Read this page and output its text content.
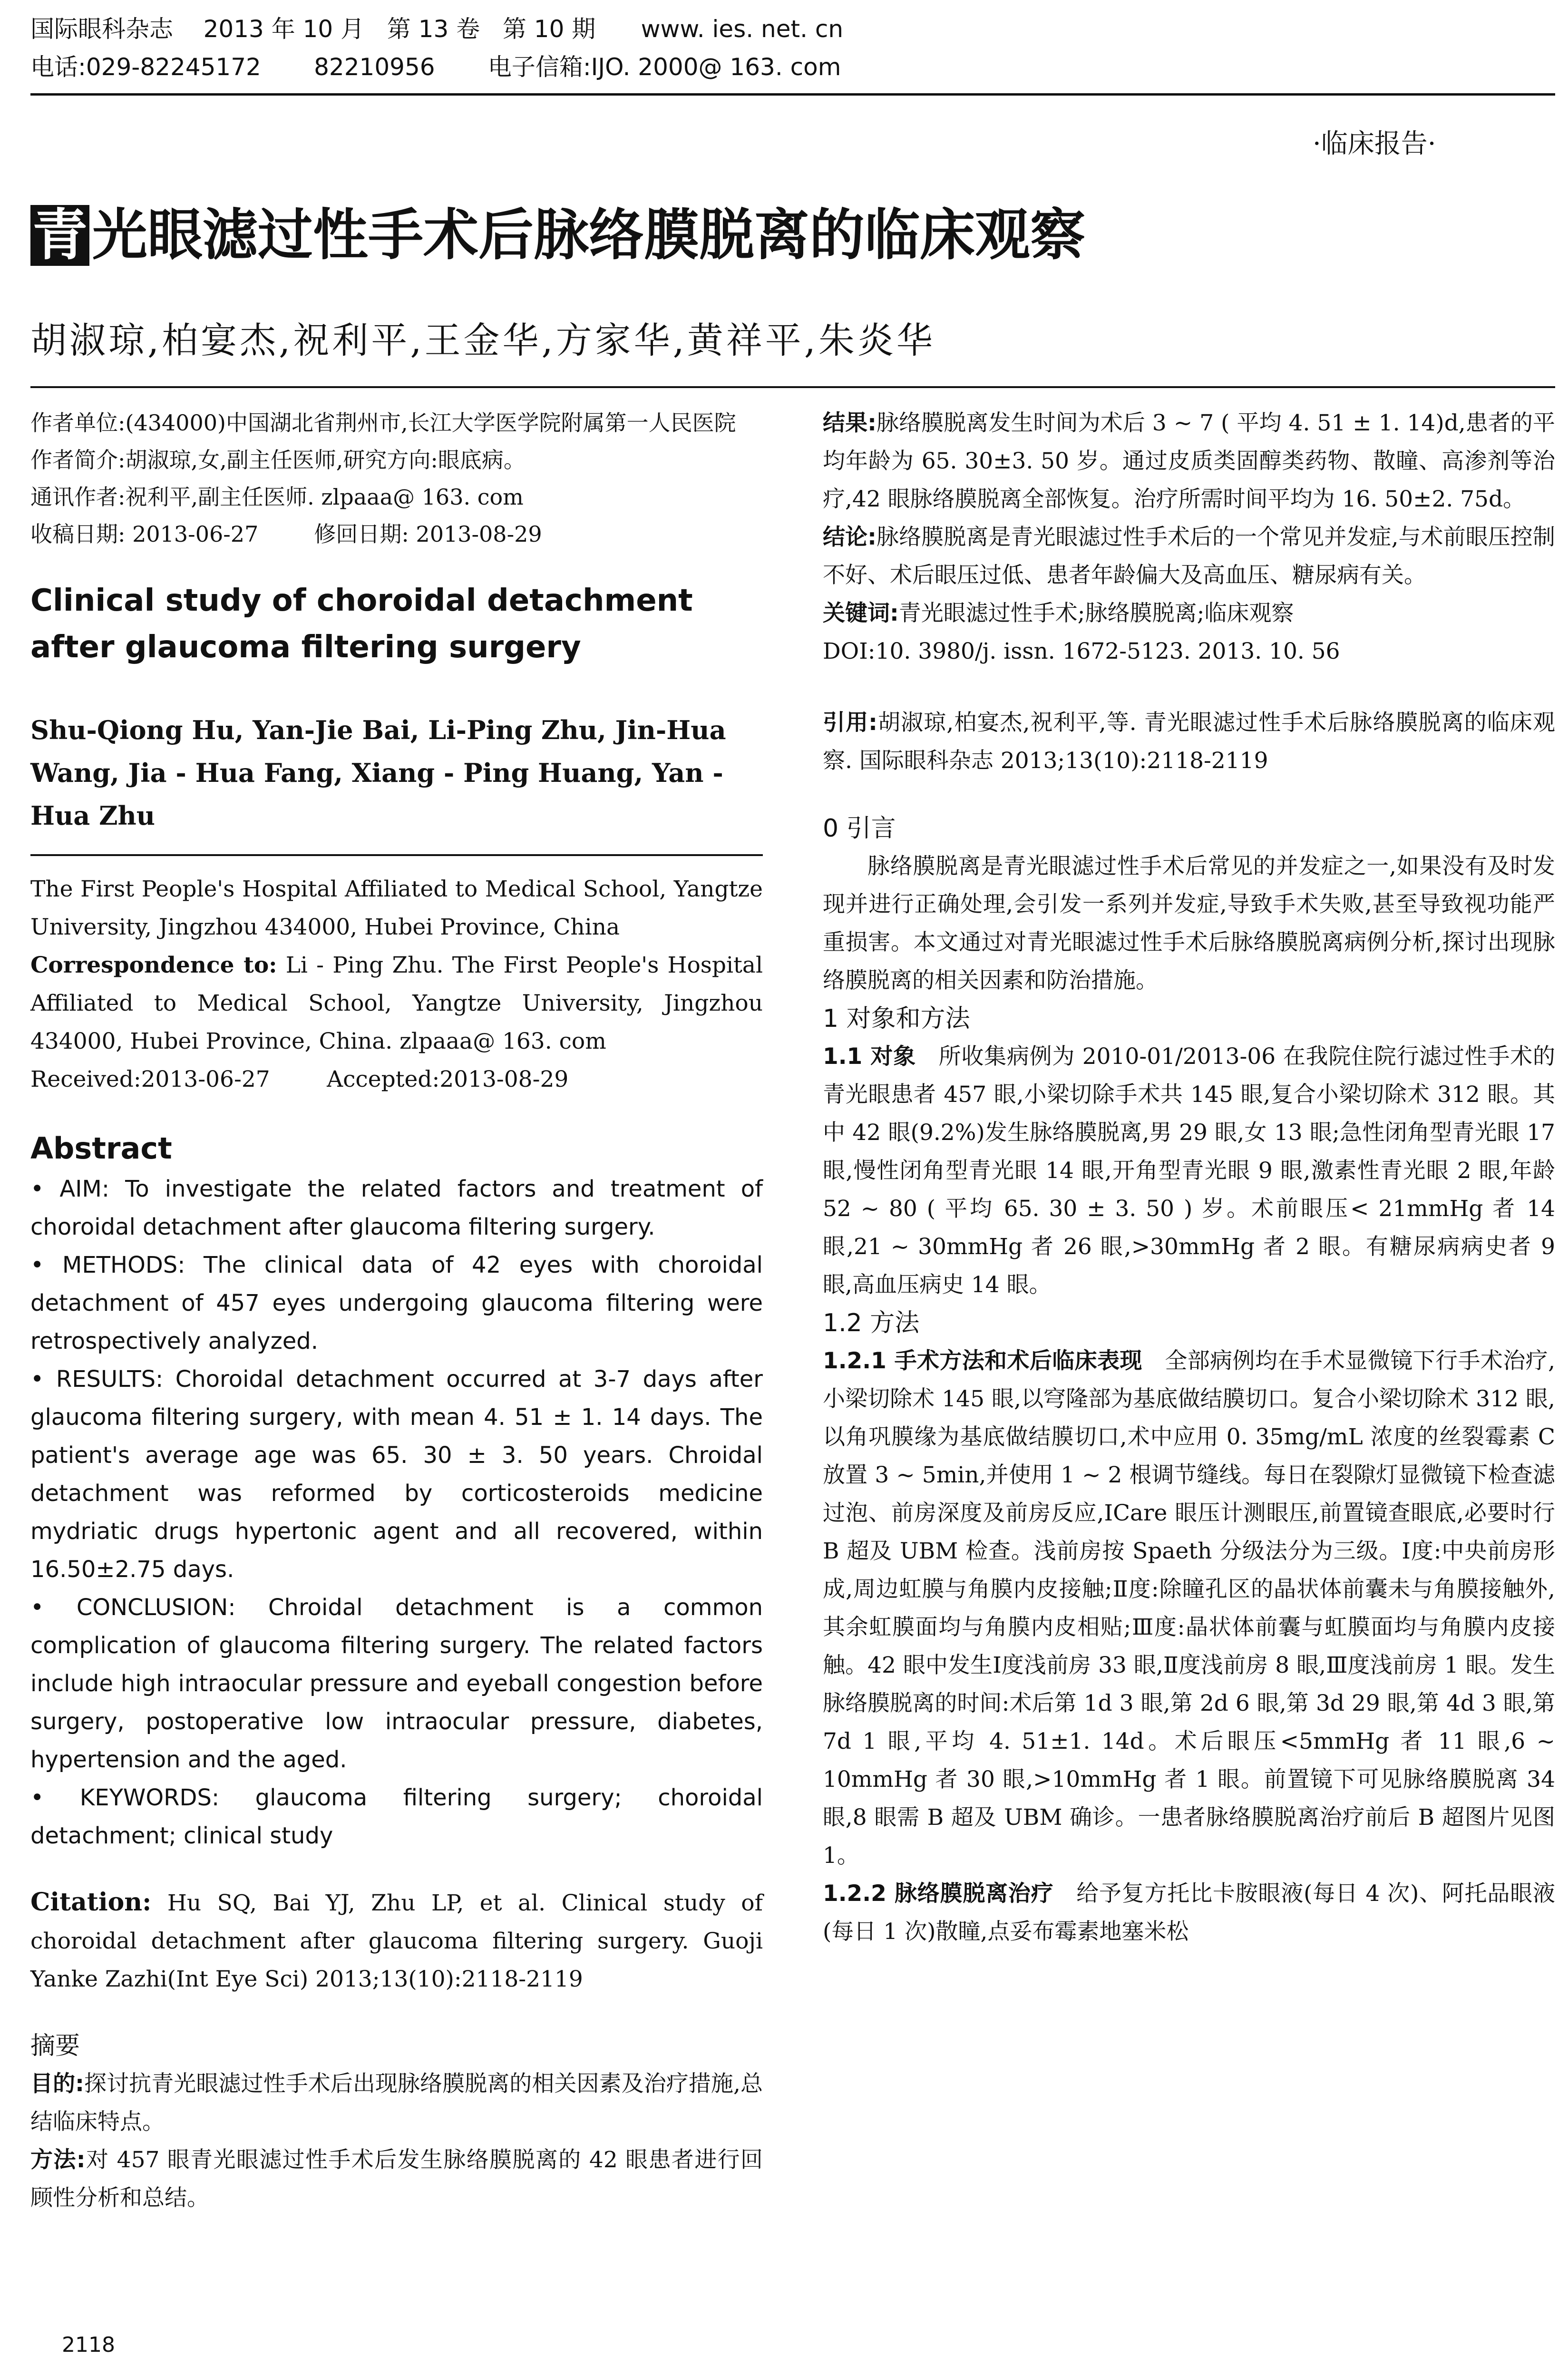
国际眼科杂志    2013 年 10 月   第 13 卷   第 10 期      www. ies. net. cn
电话:029-82245172       82210956       电子信箱:IJO. 2000@ 163. com
·临床报告·
青 光眼滤过性手术后脉络膜脱离的临床观察
胡淑琼,柏宴杰,祝利平,王金华,方家华,黄祥平,朱炎华

作者单位:(434000)中国湖北省荆州市,长江大学医学院附属第一人民医院

作者简介:胡淑琼,女,副主任医师,研究方向:眼底病。

通讯作者:祝利平,副主任医师. zlpaaa@ 163. com

收稿日期: 2013-06-27        修回日期: 2013-08-29

Clinical study of choroidal detachment after glaucoma filtering surgery

Shu-Qiong Hu, Yan-Jie Bai, Li-Ping Zhu, Jin-Hua Wang, Jia - Hua Fang, Xiang - Ping Huang, Yan - Hua Zhu

The First People's Hospital Affiliated to Medical School, Yangtze University, Jingzhou 434000, Hubei Province, China

Correspondence to: Li - Ping Zhu. The First People's Hospital Affiliated to Medical School, Yangtze University, Jingzhou 434000, Hubei Province, China. zlpaaa@ 163. com

Received:2013-06-27        Accepted:2013-08-29

Abstract

• AIM: To investigate the related factors and treatment of choroidal detachment after glaucoma filtering surgery.

• METHODS: The clinical data of 42 eyes with choroidal detachment of 457 eyes undergoing glaucoma filtering were retrospectively analyzed.

• RESULTS: Choroidal detachment occurred at 3-7 days after glaucoma filtering surgery, with mean 4. 51 ± 1. 14 days. The patient's average age was 65. 30 ± 3. 50 years. Chroidal detachment was reformed by corticosteroids medicine mydriatic drugs hypertonic agent and all recovered, within 16.50±2.75 days.

• CONCLUSION: Chroidal detachment is a common complication of glaucoma filtering surgery. The related factors include high intraocular pressure and eyeball congestion before surgery, postoperative low intraocular pressure, diabetes, hypertension and the aged.

• KEYWORDS: glaucoma filtering surgery; choroidal detachment; clinical study

Citation: Hu SQ, Bai YJ, Zhu LP, et al. Clinical study of choroidal detachment after glaucoma filtering surgery. Guoji Yanke Zazhi(Int Eye Sci) 2013;13(10):2118-2119

摘要

目的:探讨抗青光眼滤过性手术后出现脉络膜脱离的相关因素及治疗措施,总结临床特点。

方法:对 457 眼青光眼滤过性手术后发生脉络膜脱离的 42 眼患者进行回顾性分析和总结。

结果:脉络膜脱离发生时间为术后 3 ~ 7 ( 平均 4. 51 ± 1. 14)d,患者的平均年龄为 65. 30±3. 50 岁。通过皮质类固醇类药物、散瞳、高渗剂等治疗,42 眼脉络膜脱离全部恢复。治疗所需时间平均为 16. 50±2. 75d。

结论:脉络膜脱离是青光眼滤过性手术后的一个常见并发症,与术前眼压控制不好、术后眼压过低、患者年龄偏大及高血压、糖尿病有关。

关键词:青光眼滤过性手术;脉络膜脱离;临床观察

DOI:10. 3980/j. issn. 1672-5123. 2013. 10. 56

引用:胡淑琼,柏宴杰,祝利平,等. 青光眼滤过性手术后脉络膜脱离的临床观察. 国际眼科杂志 2013;13(10):2118-2119

0 引言

脉络膜脱离是青光眼滤过性手术后常见的并发症之一,如果没有及时发现并进行正确处理,会引发一系列并发症,导致手术失败,甚至导致视功能严重损害。本文通过对青光眼滤过性手术后脉络膜脱离病例分析,探讨出现脉络膜脱离的相关因素和防治措施。

1 对象和方法

1.1 对象　 所收集病例为 2010-01/2013-06 在我院住院行滤过性手术的青光眼患者 457 眼,小梁切除手术共 145 眼,复合小梁切除术 312 眼。其中 42 眼(9.2%)发生脉络膜脱离,男 29 眼,女 13 眼;急性闭角型青光眼 17 眼,慢性闭角型青光眼 14 眼,开角型青光眼 9 眼,激素性青光眼 2 眼,年龄 52 ~ 80 ( 平均 65. 30 ± 3. 50 ) 岁。术前眼压< 21mmHg 者 14 眼,21 ~ 30mmHg 者 26 眼,>30mmHg 者 2 眼。有糖尿病病史者 9 眼,高血压病史 14 眼。

1.2 方法

1.2.1 手术方法和术后临床表现　 全部病例均在手术显微镜下行手术治疗,小梁切除术 145 眼,以穹隆部为基底做结膜切口。复合小梁切除术 312 眼,以角巩膜缘为基底做结膜切口,术中应用 0. 35mg/mL 浓度的丝裂霉素 C 放置 3 ~ 5min,并使用 1 ~ 2 根调节缝线。每日在裂隙灯显微镜下检查滤过泡、前房深度及前房反应,ICare 眼压计测眼压,前置镜查眼底,必要时行 B 超及 UBM 检查。浅前房按 Spaeth 分级法分为三级。Ⅰ度:中央前房形成,周边虹膜与角膜内皮接触;Ⅱ度:除瞳孔区的晶状体前囊未与角膜接触外,其余虹膜面均与角膜内皮相贴;Ⅲ度:晶状体前囊与虹膜面均与角膜内皮接触。42 眼中发生Ⅰ度浅前房 33 眼,Ⅱ度浅前房 8 眼,Ⅲ度浅前房 1 眼。发生脉络膜脱离的时间:术后第 1d 3 眼,第 2d 6 眼,第 3d 29 眼,第 4d 3 眼,第 7d 1 眼,平均 4. 51±1. 14d。术后眼压<5mmHg 者 11 眼,6 ~ 10mmHg 者 30 眼,>10mmHg 者 1 眼。前置镜下可见脉络膜脱离 34 眼,8 眼需 B 超及 UBM 确诊。一患者脉络膜脱离治疗前后 B 超图片见图 1。

1.2.2 脉络膜脱离治疗　 给予复方托比卡胺眼液(每日 4 次)、阿托品眼液(每日 1 次)散瞳,点妥布霉素地塞米松

2118
